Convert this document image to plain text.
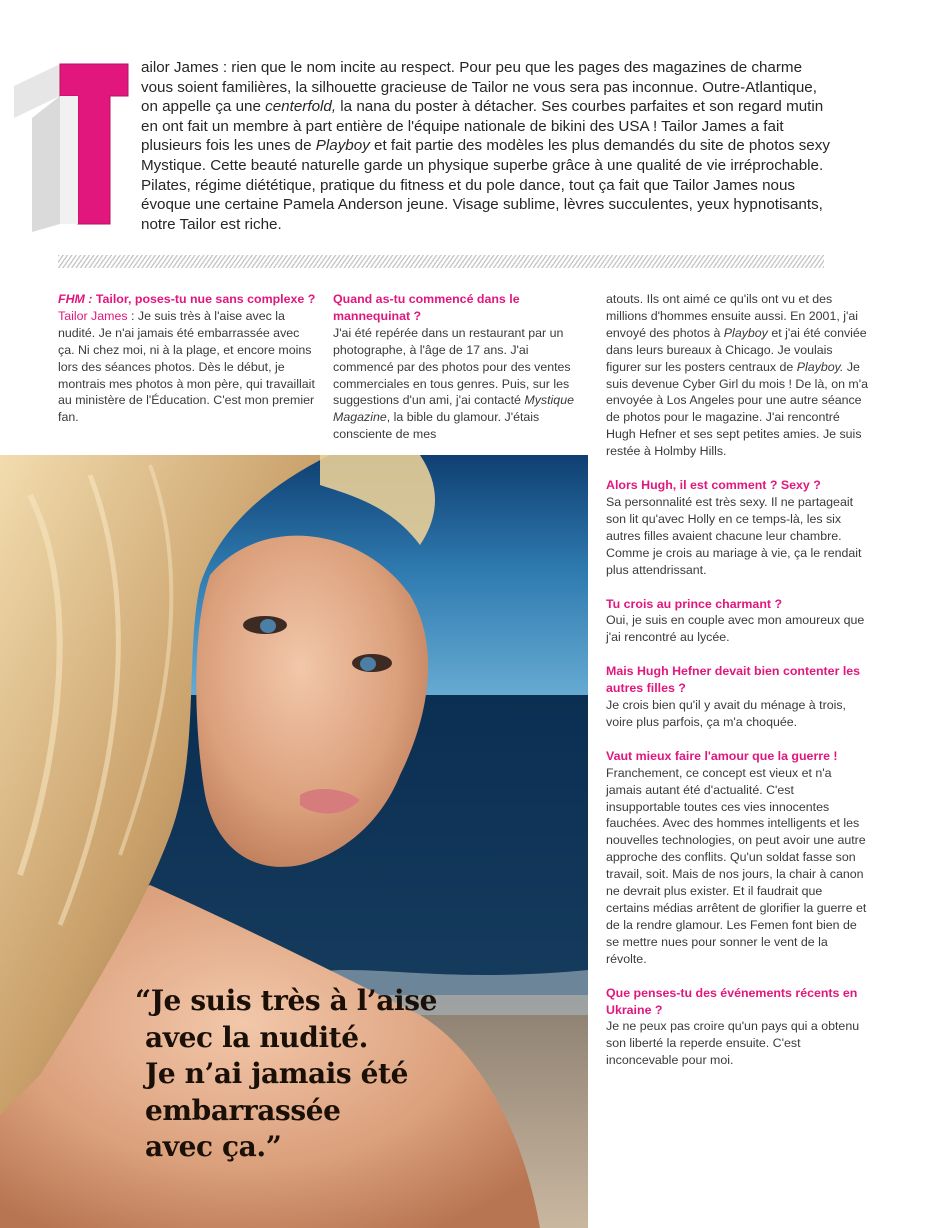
ailor James : rien que le nom incite au respect. Pour peu que les pages des magazines de charme vous soient familières, la silhouette gracieuse de Tailor ne vous sera pas inconnue. Outre-Atlantique, on appelle ça une centerfold, la nana du poster à détacher. Ses courbes parfaites et son regard mutin en ont fait un membre à part entière de l'équipe nationale de bikini des USA ! Tailor James a fait plusieurs fois les unes de Playboy et fait partie des modèles les plus demandés du site de photos sexy Mystique. Cette beauté naturelle garde un physique superbe grâce à une qualité de vie irréprochable. Pilates, régime diététique, pratique du fitness et du pole dance, tout ça fait que Tailor James nous évoque une certaine Pamela Anderson jeune. Visage sublime, lèvres succulentes, yeux hypnotisants, notre Tailor est riche.
FHM : Tailor, poses-tu nue sans complexe ?
Tailor James : Je suis très à l'aise avec la nudité. Je n'ai jamais été embarrassée avec ça. Ni chez moi, ni à la plage, et encore moins lors des séances photos. Dès le début, je montrais mes photos à mon père, qui travaillait au ministère de l'Éducation. C'est mon premier fan.
Quand as-tu commencé dans le mannequinat ?
J'ai été repérée dans un restaurant par un photographe, à l'âge de 17 ans. J'ai commencé par des photos pour des ventes commerciales en tous genres. Puis, sur les suggestions d'un ami, j'ai contacté Mystique Magazine, la bible du glamour. J'étais consciente de mes
atouts. Ils ont aimé ce qu'ils ont vu et des millions d'hommes ensuite aussi. En 2001, j'ai envoyé des photos à Playboy et j'ai été conviée dans leurs bureaux à Chicago. Je voulais figurer sur les posters centraux de Playboy. Je suis devenue Cyber Girl du mois ! De là, on m'a envoyée à Los Angeles pour une autre séance de photos pour le magazine. J'ai rencontré Hugh Hefner et ses sept petites amies. Je suis restée à Holmby Hills.
Alors Hugh, il est comment ? Sexy ?
Sa personnalité est très sexy. Il ne partageait son lit qu'avec Holly en ce temps-là, les six autres filles avaient chacune leur chambre. Comme je crois au mariage à vie, ça le rendait plus attendrissant.
Tu crois au prince charmant ?
Oui, je suis en couple avec mon amoureux que j'ai rencontré au lycée.
Mais Hugh Hefner devait bien contenter les autres filles ?
Je crois bien qu'il y avait du ménage à trois, voire plus parfois, ça m'a choquée.
Vaut mieux faire l'amour que la guerre !
Franchement, ce concept est vieux et n'a jamais autant été d'actualité. C'est insupportable toutes ces vies innocentes fauchées. Avec des hommes intelligents et les nouvelles technologies, on peut avoir une autre approche des conflits. Qu'un soldat fasse son travail, soit. Mais de nos jours, la chair à canon ne devrait plus exister. Et il faudrait que certains médias arrêtent de glorifier la guerre et de la rendre glamour. Les Femen font bien de se mettre nues pour sonner le vent de la révolte.
Que penses-tu des événements récents en Ukraine ?
Je ne peux pas croire qu'un pays qui a obtenu son liberté la reperde ensuite. C'est inconcevable pour moi.
“Je suis très à l’aise
avec la nudité.
Je n’ai jamais été
embarrassée
avec ça.”
